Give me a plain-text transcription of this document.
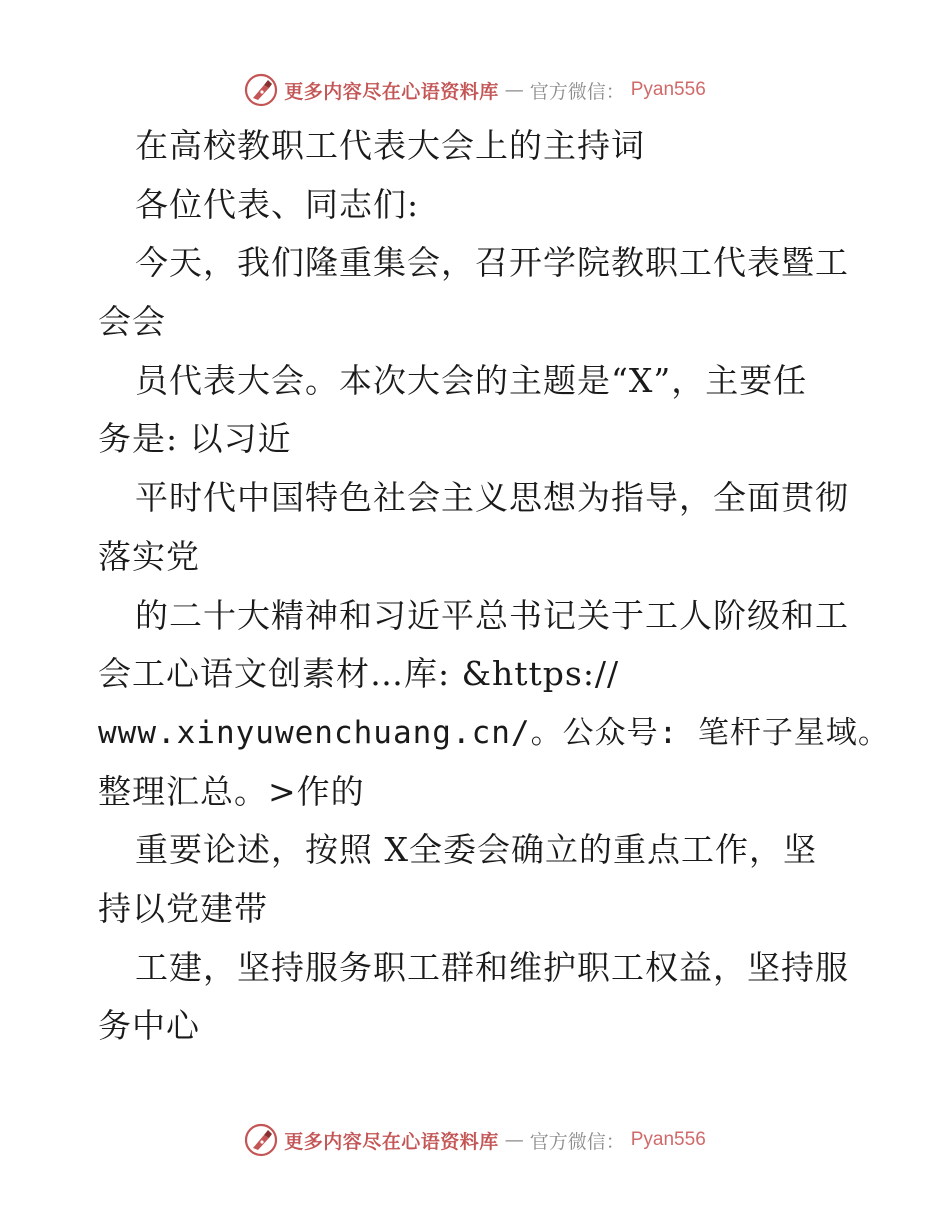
更多内容尽在心语资料库 — 官方微信： Pyan556
在高校教职工代表大会上的主持词
各位代表、同志们:
今天，我们隆重集会，召开学院教职工代表暨工
会会
员代表大会。本次大会的主题是“X”，主要任
务是: 以习近
平时代中国特色社会主义思想为指导，全面贯彻
落实党
的二十大精神和习近平总书记关于工人阶级和工
会工心语文创素材…库: &https://
www.xinyuwenchuang.cn/。公众号: 笔杆子星域。
整理汇总。>作的
重要论述，按照 X全委会确立的重点工作，坚
持以党建带
工建，坚持服务职工群和维护职工权益，坚持服
务中心
更多内容尽在心语资料库 — 官方微信： Pyan556
